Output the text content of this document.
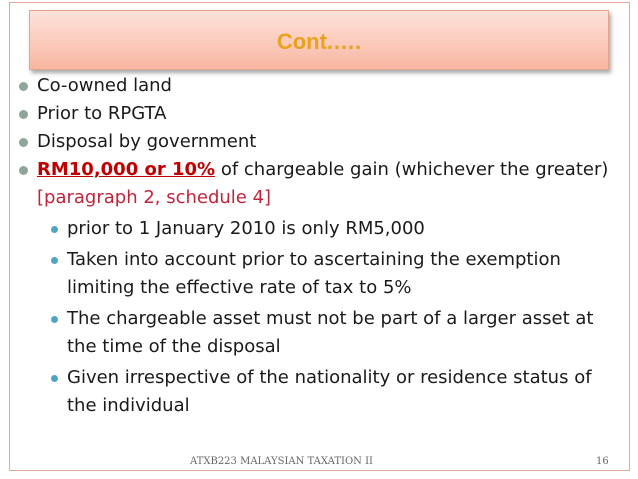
Cont.….
Co-owned land
Prior to RPGTA
Disposal by government
RM10,000 or 10% of chargeable gain (whichever the greater) [paragraph 2, schedule 4]
prior to 1 January 2010 is only RM5,000
Taken into account prior to ascertaining the exemption limiting the effective rate of tax to 5%
The chargeable asset must not be part of a larger asset at the time of the disposal
Given irrespective of the nationality or residence status of the individual
ATXB223 MALAYSIAN TAXATION II	16
